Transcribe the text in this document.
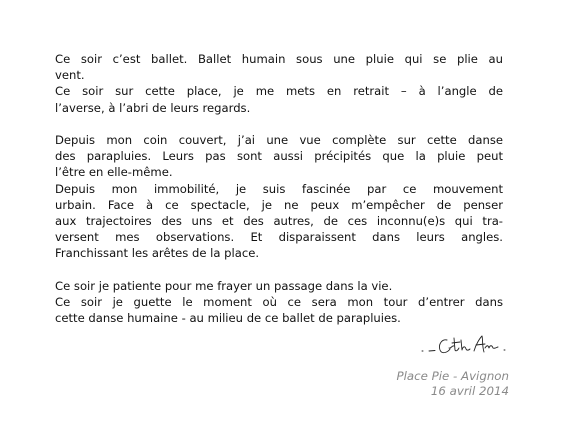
Ce soir c’est ballet. Ballet humain sous une pluie qui se plie au
vent.
Ce soir sur cette place, je me mets en retrait – à l’angle de
l’averse, à l’abri de leurs regards.

Depuis mon coin couvert, j’ai une vue complète sur cette danse
des parapluies. Leurs pas sont aussi précipités que la pluie peut
l’être en elle-même.
Depuis mon immobilité, je suis fascinée par ce mouvement
urbain. Face à ce spectacle, je ne peux m’empêcher de penser
aux trajectoires des uns et des autres, de ces inconnu(e)s qui tra-
versent mes observations. Et disparaissent dans leurs angles.
Franchissant les arêtes de la place.

Ce soir je patiente pour me frayer un passage dans la vie.
Ce soir je guette le moment où ce sera mon tour d’entrer dans
cette danse humaine - au milieu de ce ballet de parapluies.

Place Pie - Avignon
16 avril 2014
